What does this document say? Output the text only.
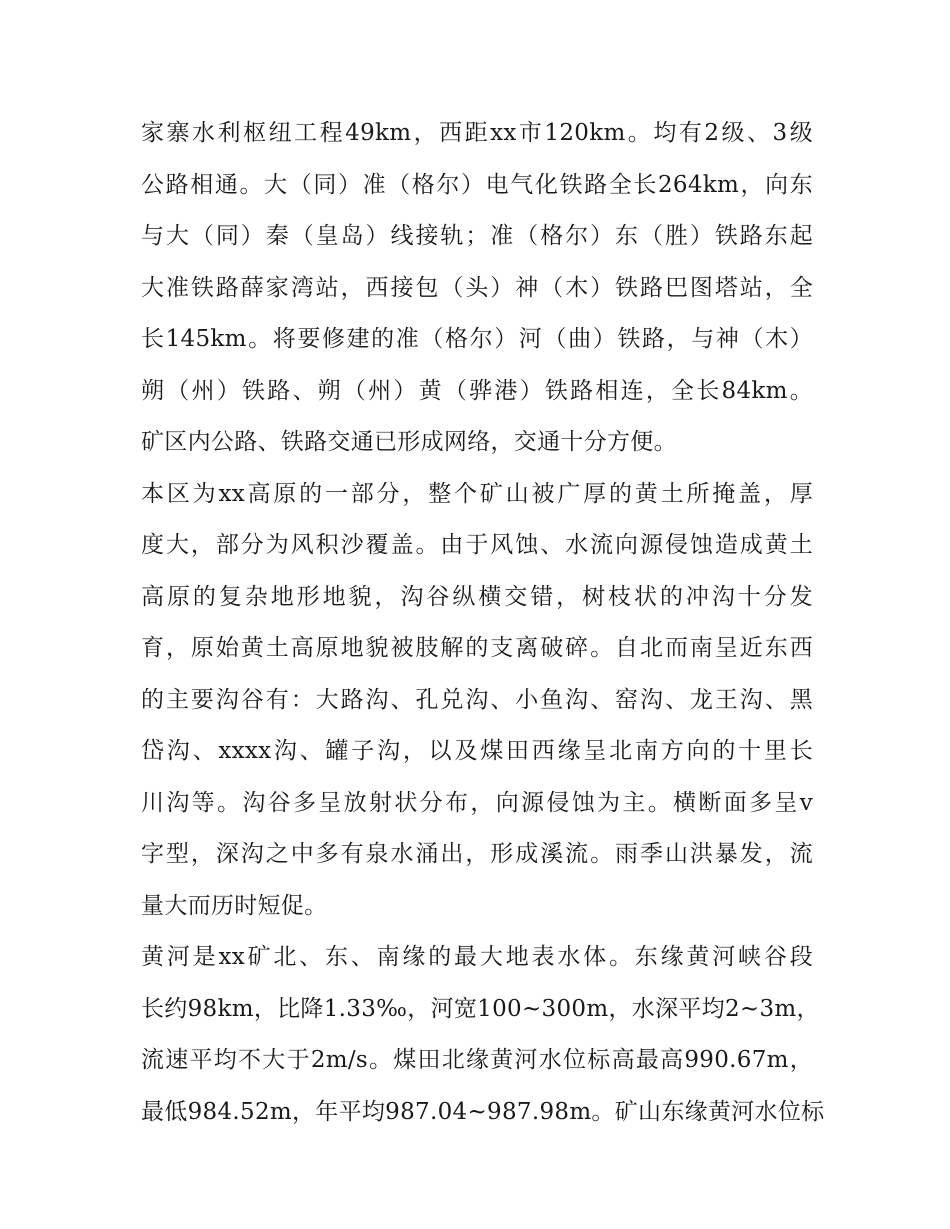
家寨水利枢纽工程49km，西距xx市120km。均有2级、3级
公路相通。大（同）准（格尔）电气化铁路全长264km，向东
与大（同）秦（皇岛）线接轨；准（格尔）东（胜）铁路东起
大准铁路薛家湾站，西接包（头）神（木）铁路巴图塔站，全
长145km。将要修建的准（格尔）河（曲）铁路，与神（木）
朔（州）铁路、朔（州）黄（骅港）铁路相连，全长84km。
矿区内公路、铁路交通已形成网络，交通十分方便。
本区为xx高原的一部分，整个矿山被广厚的黄土所掩盖，厚
度大，部分为风积沙覆盖。由于风蚀、水流向源侵蚀造成黄土
高原的复杂地形地貌，沟谷纵横交错，树枝状的冲沟十分发
育，原始黄土高原地貌被肢解的支离破碎。自北而南呈近东西
的主要沟谷有：大路沟、孔兑沟、小鱼沟、窑沟、龙王沟、黑
岱沟、xxxx沟、罐子沟，以及煤田西缘呈北南方向的十里长
川沟等。沟谷多呈放射状分布，向源侵蚀为主。横断面多呈v
字型，深沟之中多有泉水涌出，形成溪流。雨季山洪暴发，流
量大而历时短促。
黄河是xx矿北、东、南缘的最大地表水体。东缘黄河峡谷段
长约98km，比降1.33‰，河宽100~300m，水深平均2~3m，
流速平均不大于2m/s。煤田北缘黄河水位标高最高990.67m，
最低984.52m，年平均987.04~987.98m。矿山东缘黄河水位标
